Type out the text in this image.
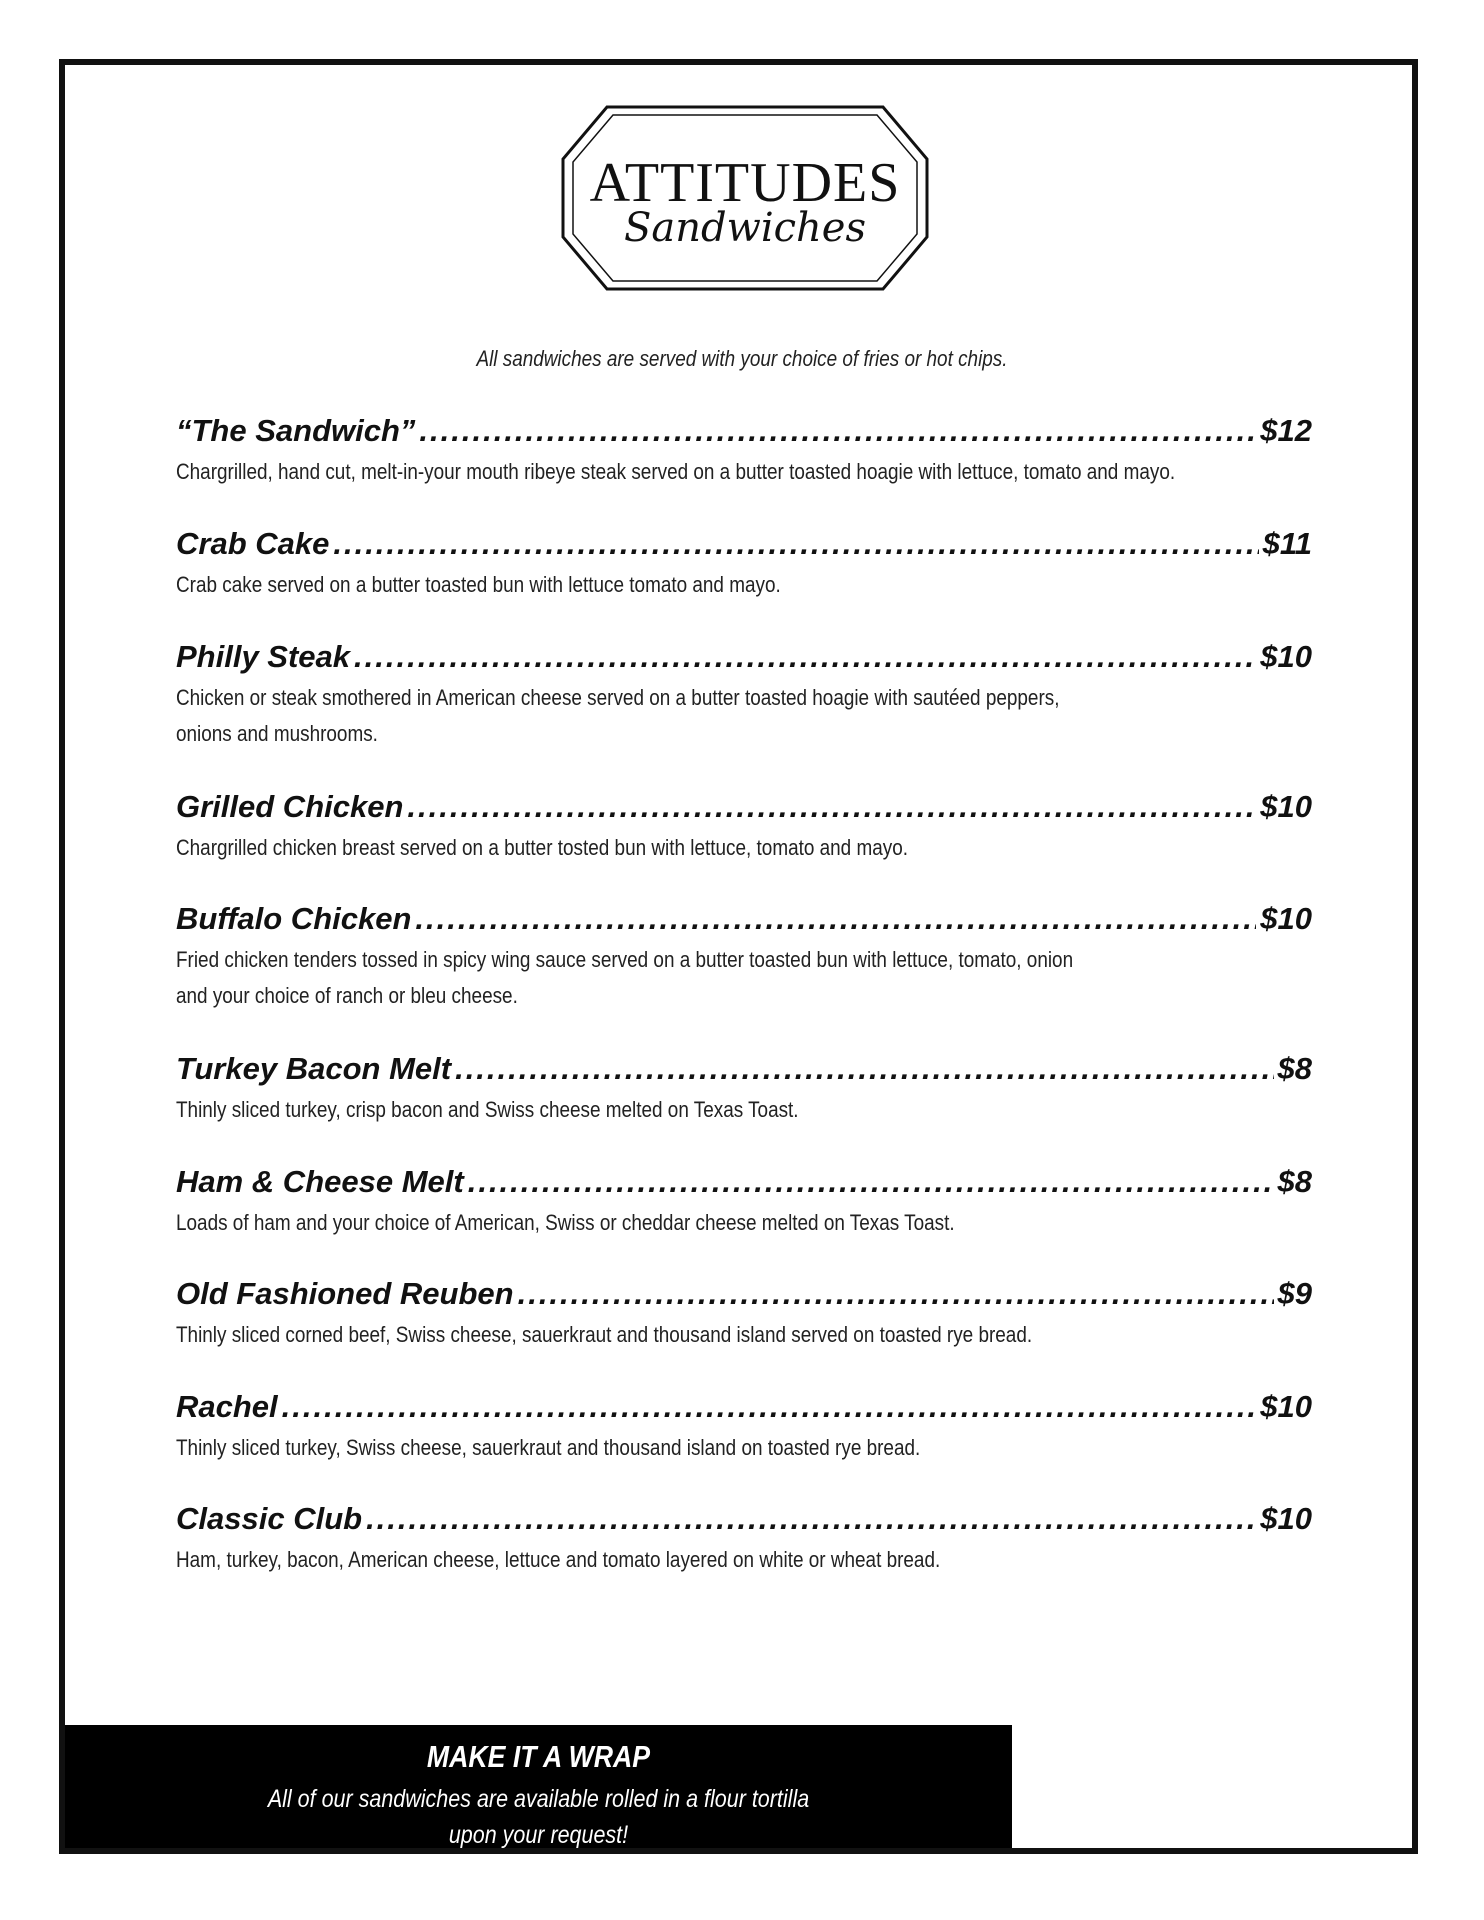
ATTITUDES
Sandwiches
All sandwiches are served with your choice of fries or hot chips.
“The Sandwich” .....	$12
Chargrilled, hand cut, melt-in-your mouth ribeye steak served on a butter toasted hoagie with lettuce, tomato and mayo.
Crab Cake .....	$11
Crab cake served on a butter toasted bun with lettuce tomato and mayo.
Philly Steak .....	$10
Chicken or steak smothered in American cheese served on a butter toasted hoagie with sautéed peppers, onions and mushrooms.
Grilled Chicken .....	$10
Chargrilled chicken breast served on a butter tosted bun with lettuce, tomato and mayo.
Buffalo Chicken .....	$10
Fried chicken tenders tossed in spicy wing sauce served on a butter toasted bun with lettuce, tomato, onion and your choice of ranch or bleu cheese.
Turkey Bacon Melt .....	$8
Thinly sliced turkey, crisp bacon and Swiss cheese melted on Texas Toast.
Ham & Cheese Melt .....	$8
Loads of ham and your choice of American, Swiss or cheddar cheese melted on Texas Toast.
Old Fashioned Reuben .....	$9
Thinly sliced corned beef, Swiss cheese, sauerkraut and thousand island served on toasted rye bread.
Rachel .....	$10
Thinly sliced turkey, Swiss cheese, sauerkraut and thousand island on toasted rye bread.
Classic Club .....	$10
Ham, turkey, bacon, American cheese, lettuce and tomato layered on white or wheat bread.
MAKE IT A WRAP
All of our sandwiches are available rolled in a flour tortilla upon your request!
